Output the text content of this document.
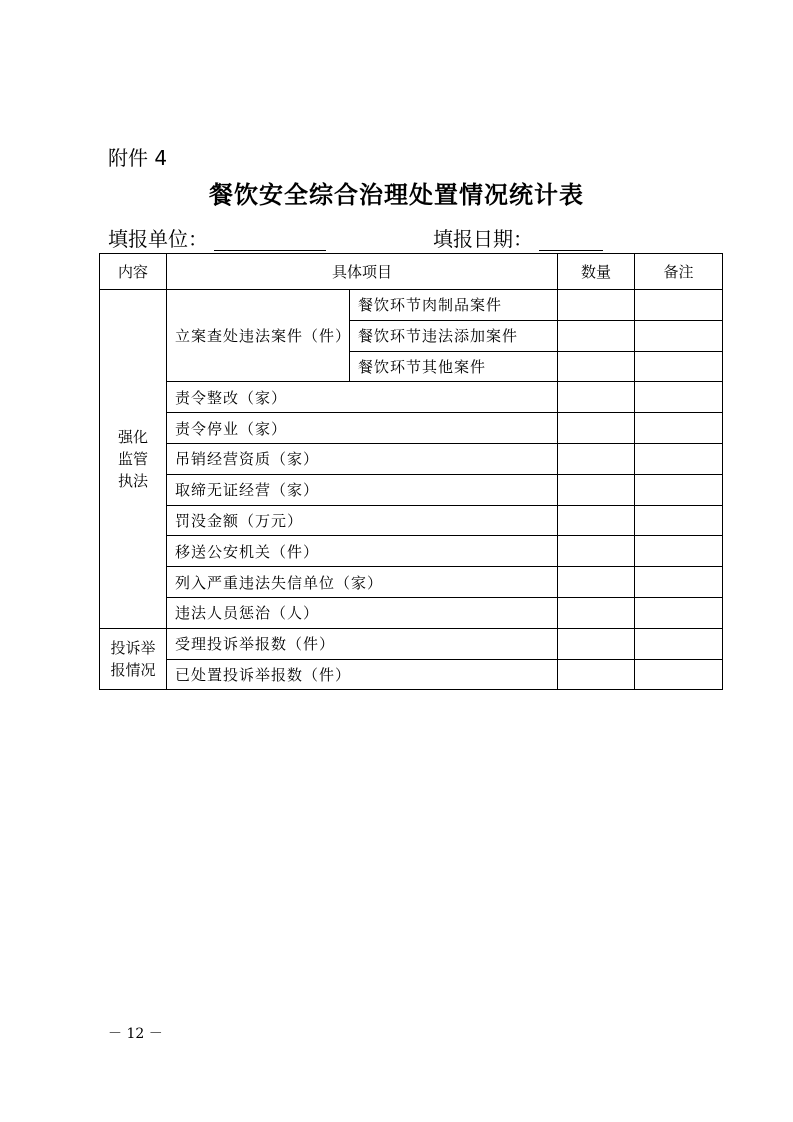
附件 4
餐饮安全综合治理处置情况统计表
填报单位：	填报日期：
内容	具体项目		数量	备注

强化
监管
执法	立案查处违法案件（件）	餐饮环节肉制品案件		
		餐饮环节违法添加案件		
		餐饮环节其他案件		
	责令整改（家）			
	责令停业（家）			
	吊销经营资质（家）			
	取缔无证经营（家）			
	罚没金额（万元）			
	移送公安机关（件）			
	列入严重违法失信单位（家）			
	违法人员惩治（人）			

投诉举
报情况	受理投诉举报数（件）			
	已处置投诉举报数（件）			
－ 12 －
